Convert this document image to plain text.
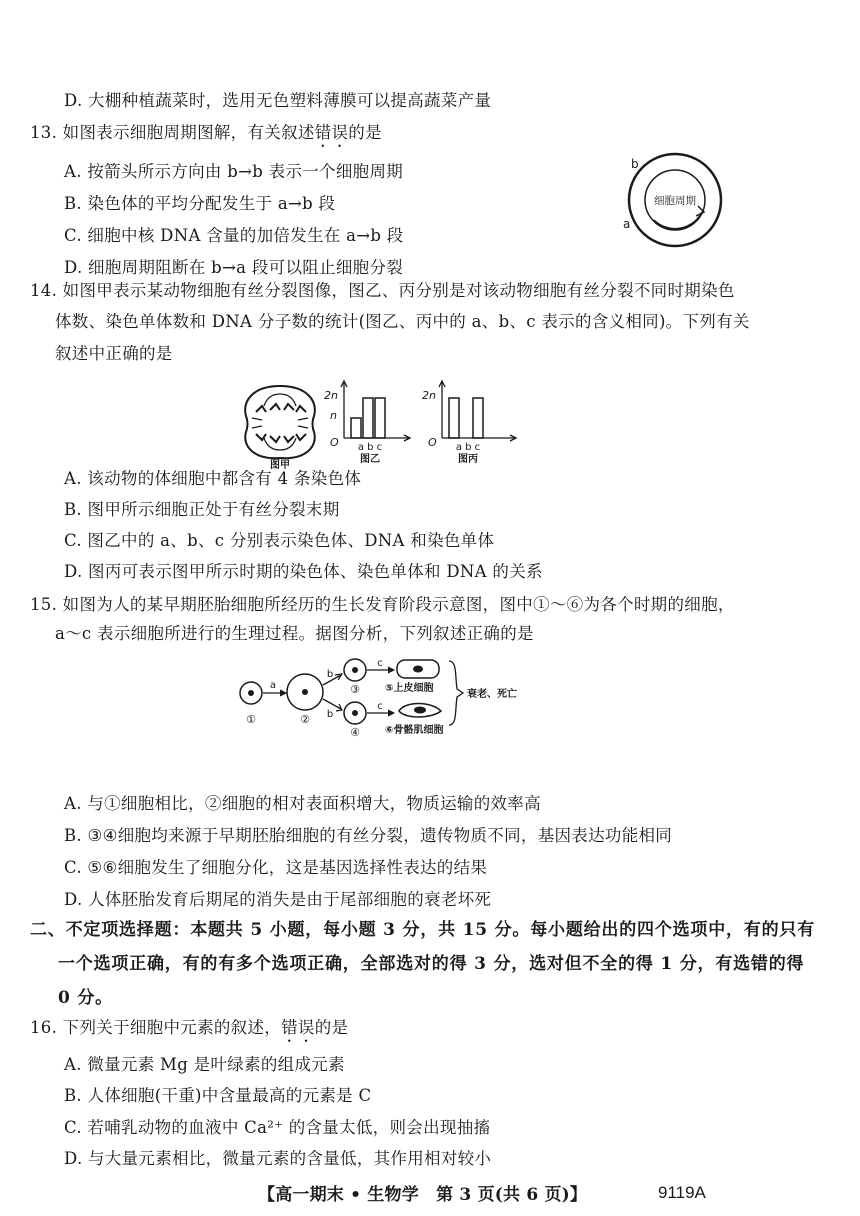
D. 大棚种植蔬菜时，选用无色塑料薄膜可以提高蔬菜产量
13. 如图表示细胞周期图解，有关叙述错误的是
A. 按箭头所示方向由 b→b 表示一个细胞周期
B. 染色体的平均分配发生于 a→b 段
C. 细胞中核 DNA 含量的加倍发生在 a→b 段
D. 细胞周期阻断在 b→a 段可以阻止细胞分裂
细胞周期
b
a
14. 如图甲表示某动物细胞有丝分裂图像，图乙、丙分别是对该动物细胞有丝分裂不同时期染色
体数、染色单体数和 DNA 分子数的统计(图乙、丙中的 a、b、c 表示的含义相同)。下列有关
叙述中正确的是
图甲
2n
n
O a b c
图乙
2n
O a b c
图丙
A. 该动物的体细胞中都含有 4 条染色体
B. 图甲所示细胞正处于有丝分裂末期
C. 图乙中的 a、b、c 分别表示染色体、DNA 和染色单体
D. 图丙可表示图甲所示时期的染色体、染色单体和 DNA 的关系
15. 如图为人的某早期胚胎细胞所经历的生长发育阶段示意图，图中①～⑥为各个时期的细胞，
a～c 表示细胞所进行的生理过程。据图分析，下列叙述正确的是
①
a
②
b
b
③
④
c
c
⑤上皮细胞
⑥骨骼肌细胞
衰老、死亡
A. 与①细胞相比，②细胞的相对表面积增大，物质运输的效率高
B. ③④细胞均来源于早期胚胎细胞的有丝分裂，遗传物质不同，基因表达功能相同
C. ⑤⑥细胞发生了细胞分化，这是基因选择性表达的结果
D. 人体胚胎发育后期尾的消失是由于尾部细胞的衰老坏死
二、不定项选择题：本题共 5 小题，每小题 3 分，共 15 分。每小题给出的四个选项中，有的只有
一个选项正确，有的有多个选项正确，全部选对的得 3 分，选对但不全的得 1 分，有选错的得
0 分。
16. 下列关于细胞中元素的叙述，错误的是
A. 微量元素 Mg 是叶绿素的组成元素
B. 人体细胞(干重)中含量最高的元素是 C
C. 若哺乳动物的血液中 Ca²⁺ 的含量太低，则会出现抽搐
D. 与大量元素相比，微量元素的含量低，其作用相对较小
【高一期末 • 生物学　第 3 页(共 6 页)】	9119A
